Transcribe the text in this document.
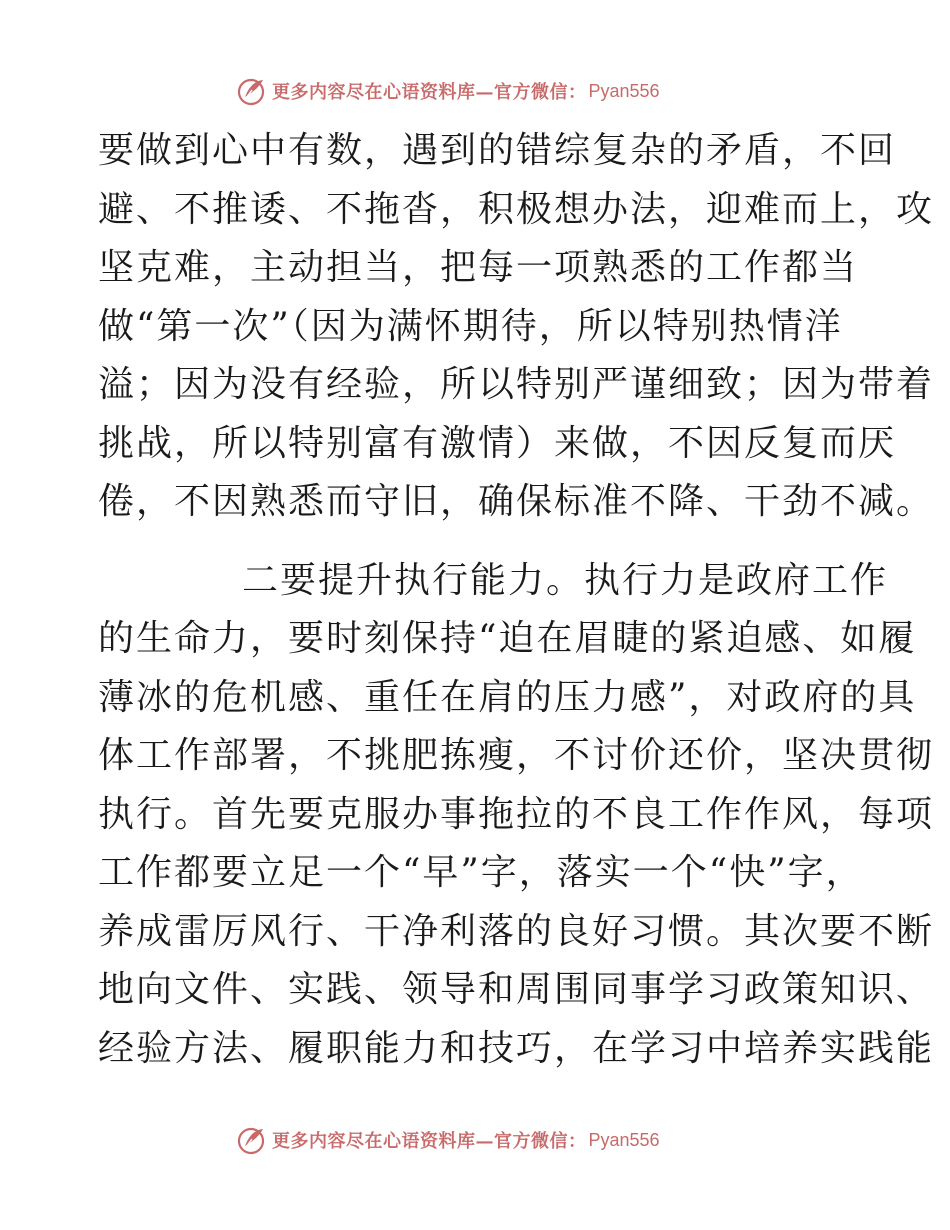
更多内容尽在心语资料库—官方微信： Pyan556
要做到心中有数，遇到的错综复杂的矛盾，不回
避、不推诿、不拖沓，积极想办法，迎难而上，攻
坚克难，主动担当，把每一项熟悉的工作都当
做“第一次”（因为满怀期待，所以特别热情洋
溢；因为没有经验，所以特别严谨细致；因为带着
挑战，所以特别富有激情）来做，不因反复而厌
倦，不因熟悉而守旧，确保标准不降、干劲不减。
二要提升执行能力。执行力是政府工作
的生命力，要时刻保持“迫在眉睫的紧迫感、如履
薄冰的危机感、重任在肩的压力感”，对政府的具
体工作部署，不挑肥拣瘦，不讨价还价，坚决贯彻
执行。首先要克服办事拖拉的不良工作作风，每项
工作都要立足一个“早”字，落实一个“快”字，
养成雷厉风行、干净利落的良好习惯。其次要不断
地向文件、实践、领导和周围同事学习政策知识、
经验方法、履职能力和技巧，在学习中培养实践能
更多内容尽在心语资料库—官方微信： Pyan556
